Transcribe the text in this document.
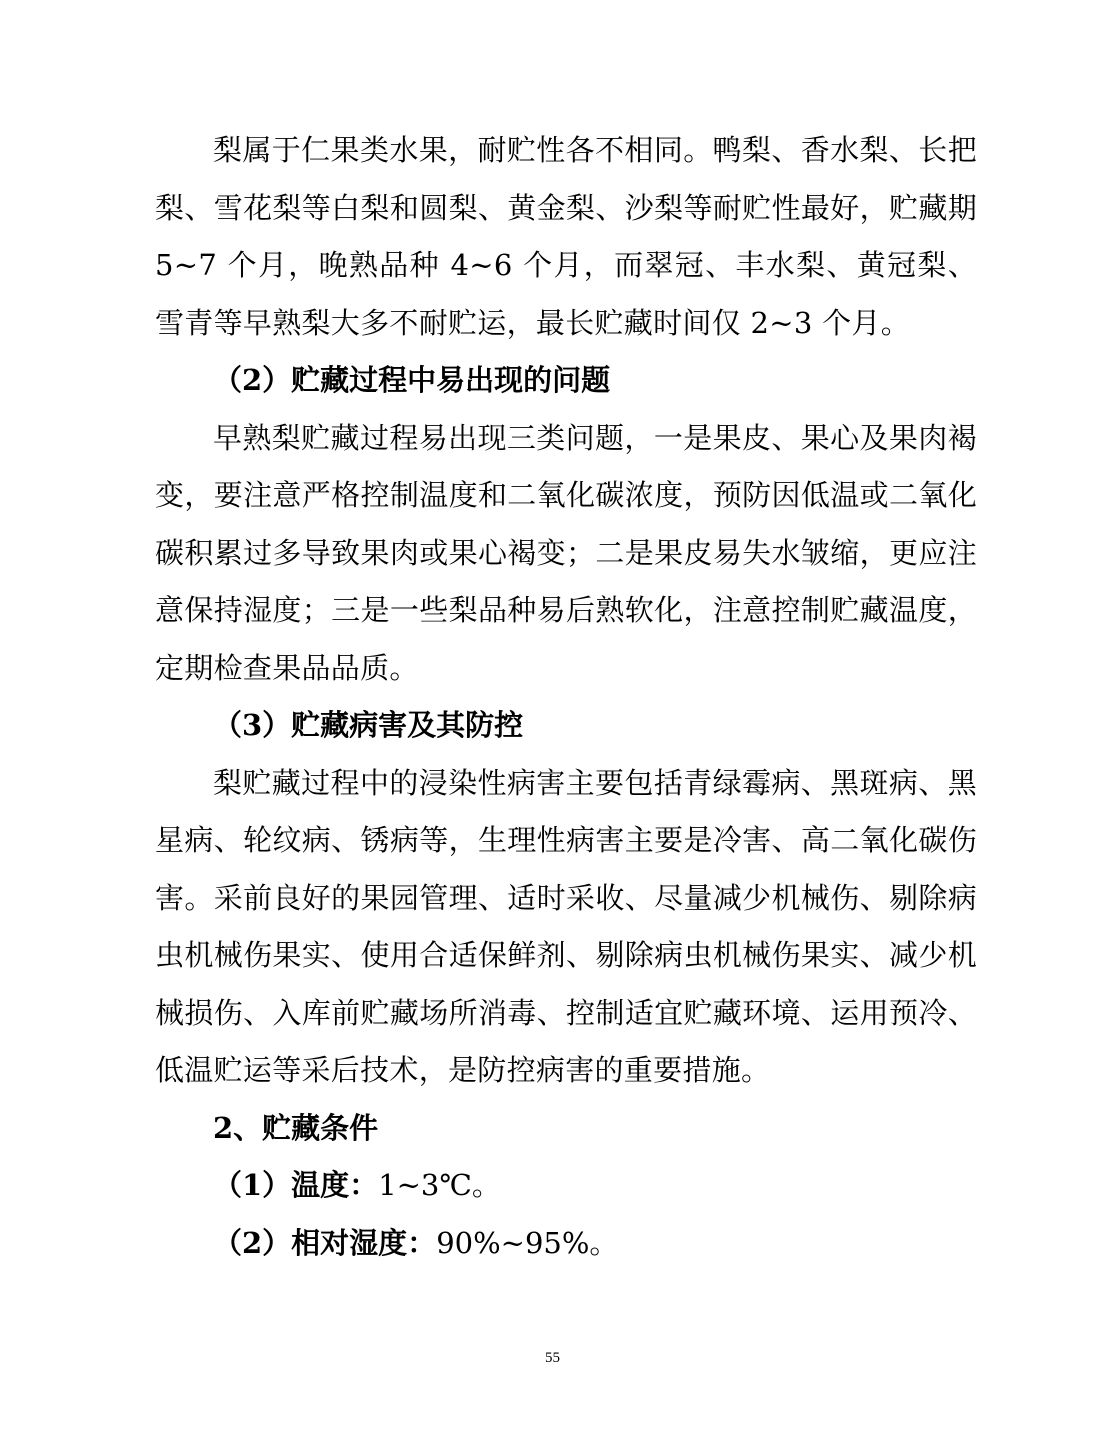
梨属于仁果类水果，耐贮性各不相同。鸭梨、香水梨、长把梨、雪花梨等白梨和圆梨、黄金梨、沙梨等耐贮性最好，贮藏期 5~7 个月，晚熟品种 4~6 个月，而翠冠、丰水梨、黄冠梨、雪青等早熟梨大多不耐贮运，最长贮藏时间仅 2~3 个月。

（2）贮藏过程中易出现的问题

早熟梨贮藏过程易出现三类问题，一是果皮、果心及果肉褐变，要注意严格控制温度和二氧化碳浓度，预防因低温或二氧化碳积累过多导致果肉或果心褐变；二是果皮易失水皱缩，更应注意保持湿度；三是一些梨品种易后熟软化，注意控制贮藏温度，定期检查果品品质。

（3）贮藏病害及其防控

梨贮藏过程中的浸染性病害主要包括青绿霉病、黑斑病、黑星病、轮纹病、锈病等，生理性病害主要是冷害、高二氧化碳伤害。采前良好的果园管理、适时采收、尽量减少机械伤、剔除病虫机械伤果实、使用合适保鲜剂、剔除病虫机械伤果实、减少机械损伤、入库前贮藏场所消毒、控制适宜贮藏环境、运用预冷、低温贮运等采后技术，是防控病害的重要措施。

2、贮藏条件

（1）温度：1~3℃。

（2）相对湿度：90%~95%。

55
